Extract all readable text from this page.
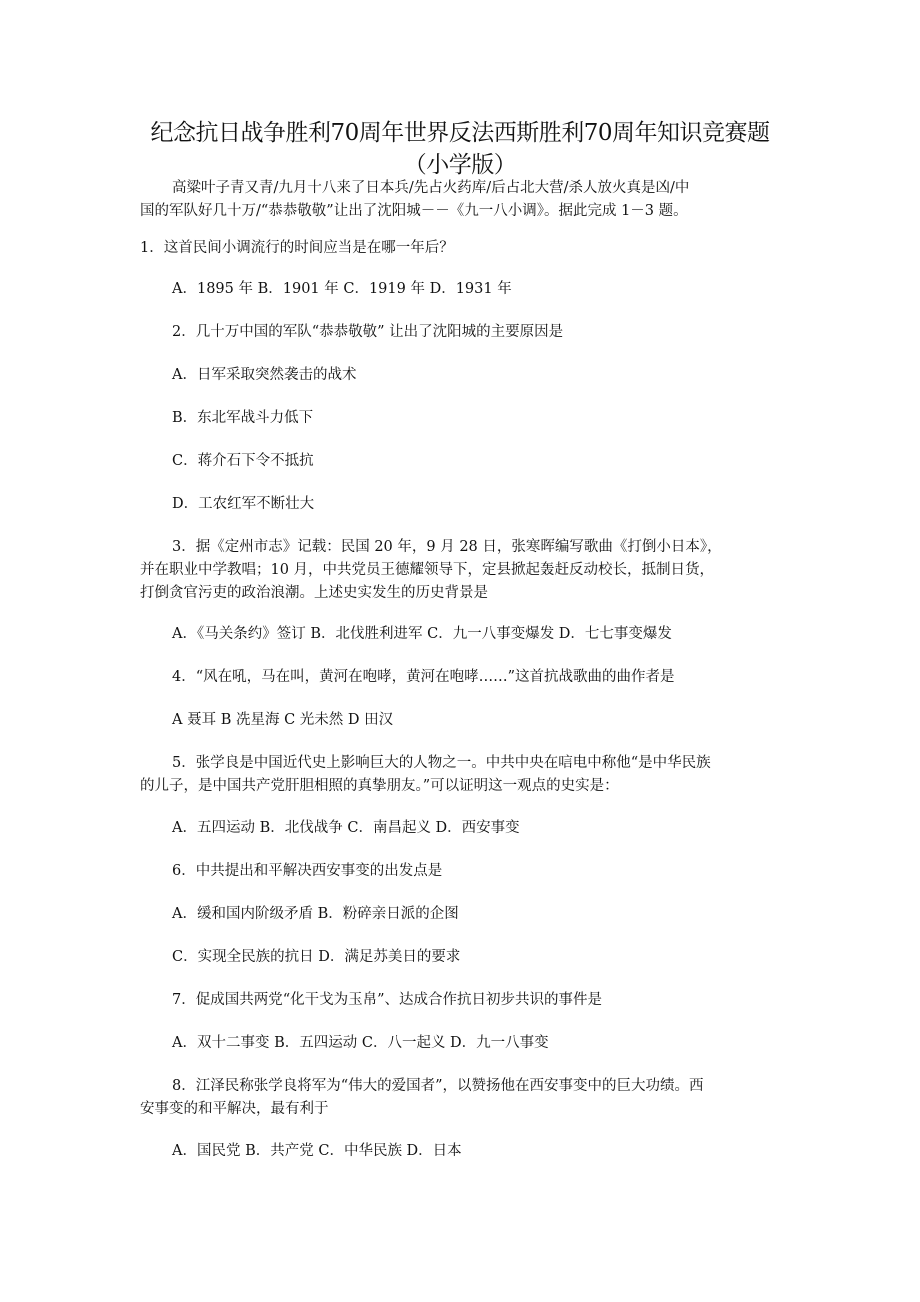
纪念抗日战争胜利70周年世界反法西斯胜利70周年知识竞赛题
（小学版）
高粱叶子青又青/九月十八来了日本兵/先占火药库/后占北大营/杀人放火真是凶/中
国的军队好几十万/“恭恭敬敬”让出了沈阳城－－《九一八小调》。据此完成 1－3 题。
1．这首民间小调流行的时间应当是在哪一年后？
A．1895 年 B．1901 年 C．1919 年 D．1931 年
2．几十万中国的军队“恭恭敬敬” 让出了沈阳城的主要原因是
A．日军采取突然袭击的战术
B．东北军战斗力低下
C．蒋介石下令不抵抗
D．工农红军不断壮大
3．据《定州市志》记载：民国 20 年，9 月 28 日，张寒晖编写歌曲《打倒小日本》，
并在职业中学教唱；10 月，中共党员王德耀领导下，定县掀起轰赶反动校长，抵制日货，
打倒贪官污吏的政治浪潮。上述史实发生的历史背景是
A．《马关条约》签订 B．北伐胜利进军 C．九一八事变爆发 D．七七事变爆发
4．“风在吼，马在叫，黄河在咆哮，黄河在咆哮……”这首抗战歌曲的曲作者是
A 聂耳 B 冼星海 C 光未然 D 田汉
5．张学良是中国近代史上影响巨大的人物之一。中共中央在唁电中称他“是中华民族
的儿子，是中国共产党肝胆相照的真挚朋友。”可以证明这一观点的史实是：
A．五四运动 B．北伐战争 C．南昌起义 D．西安事变
6．中共提出和平解决西安事变的出发点是
A．缓和国内阶级矛盾 B．粉碎亲日派的企图
C．实现全民族的抗日 D．满足苏美日的要求
7．促成国共两党“化干戈为玉帛”、达成合作抗日初步共识的事件是
A．双十二事变 B．五四运动 C．八一起义 D．九一八事变
8．江泽民称张学良将军为“伟大的爱国者”，以赞扬他在西安事变中的巨大功绩。西
安事变的和平解决，最有利于
A．国民党 B．共产党 C．中华民族 D．日本
